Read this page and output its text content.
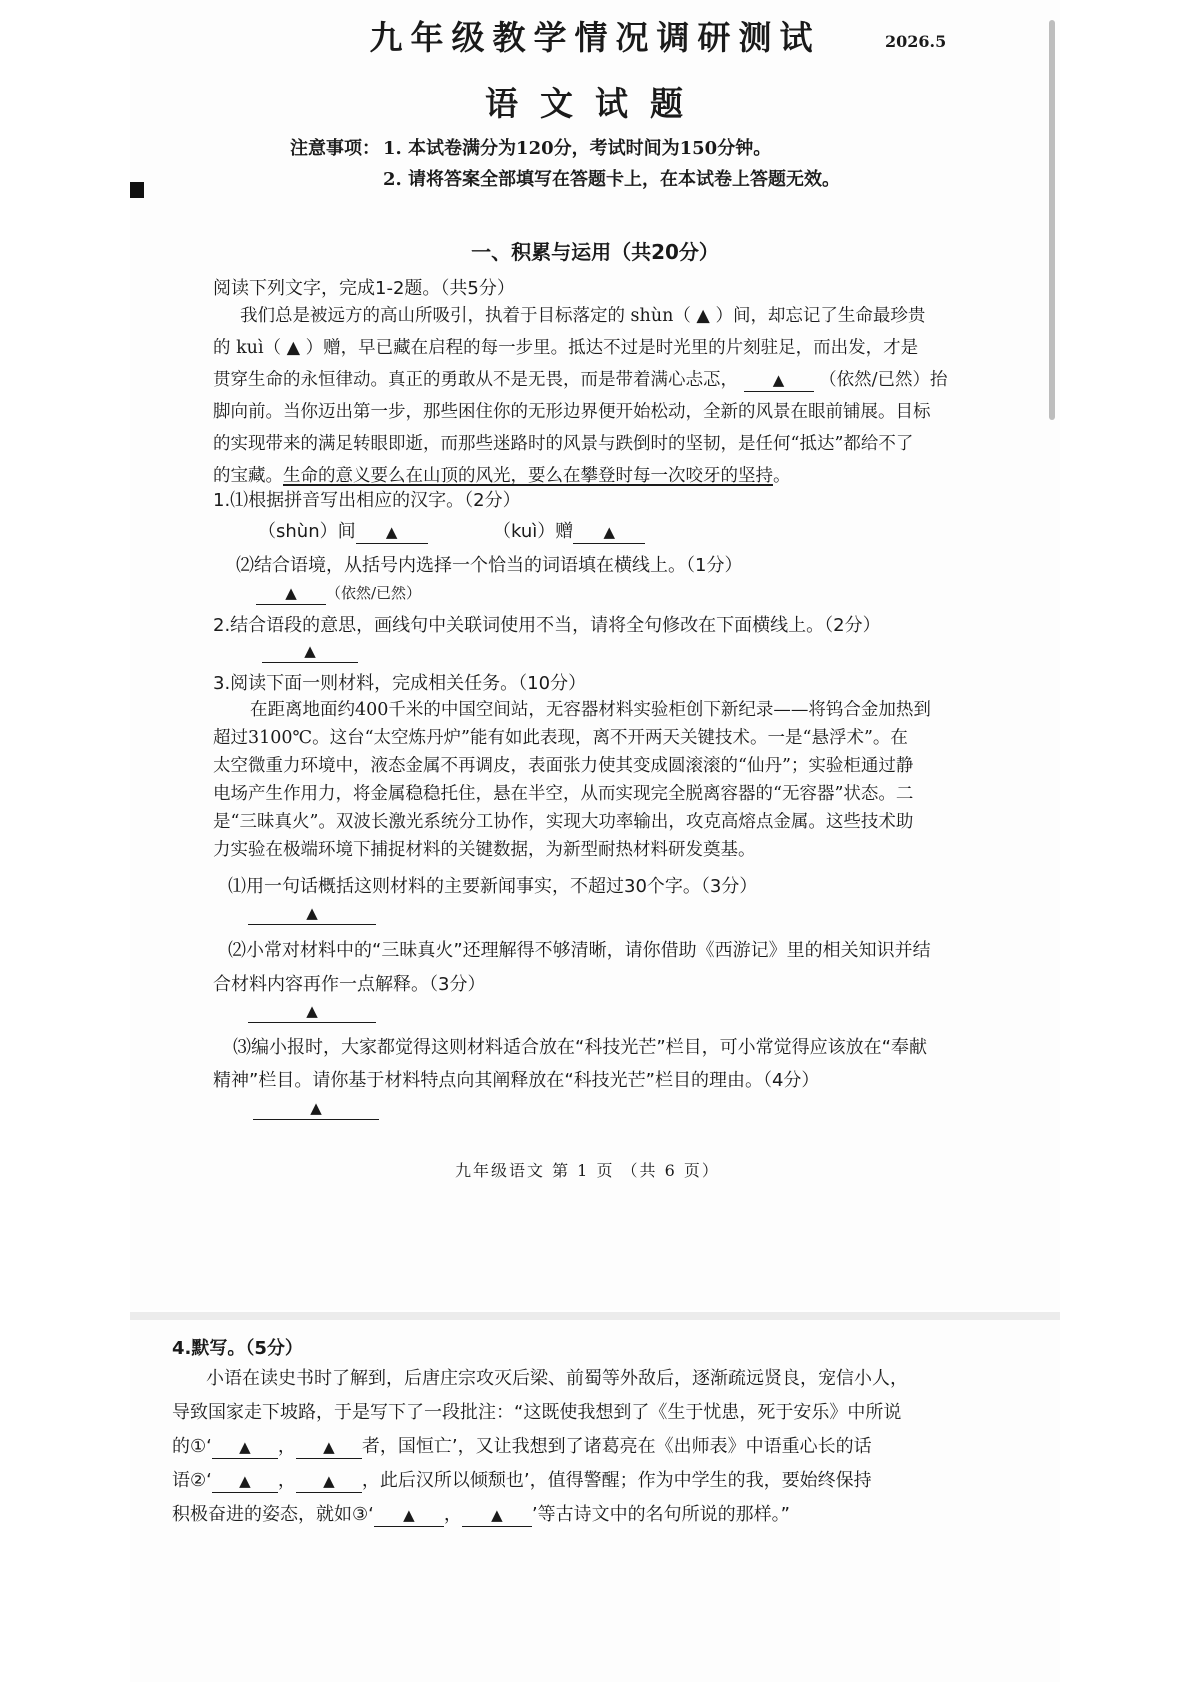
九年级教学情况调研测试	2026.5
语文试题
注意事项： 1. 本试卷满分为120分，考试时间为150分钟。
2. 请将答案全部填写在答题卡上，在本试卷上答题无效。
一、积累与运用（共20分）
阅读下列文字，完成1-2题。（共5分）
我们总是被远方的高山所吸引，执着于目标落定的 shùn（ ▲ ）间，却忘记了生命最珍贵
的 kuì（ ▲ ）赠，早已藏在启程的每一步里。抵达不过是时光里的片刻驻足，而出发，才是
贯穿生命的永恒律动。真正的勇敢从不是无畏，而是带着满心忐忑， ▲ （依然/已然）抬
脚向前。当你迈出第一步，那些困住你的无形边界便开始松动，全新的风景在眼前铺展。目标
的实现带来的满足转眼即逝，而那些迷路时的风景与跌倒时的坚韧，是任何“抵达”都给不了
的宝藏。生命的意义要么在山顶的风光，要么在攀登时每一次咬牙的坚持。
1.⑴根据拼音写出相应的汉字。（2分）
（shùn）间 ▲	（kuì）赠 ▲
⑵结合语境，从括号内选择一个恰当的词语填在横线上。（1分）
▲ （依然/已然）
2.结合语段的意思，画线句中关联词使用不当，请将全句修改在下面横线上。（2分）
▲
3.阅读下面一则材料，完成相关任务。（10分）
在距离地面约400千米的中国空间站，无容器材料实验柜创下新纪录——将钨合金加热到
超过3100℃。这台“太空炼丹炉”能有如此表现，离不开两天关键技术。一是“悬浮术”。在
太空微重力环境中，液态金属不再调皮，表面张力使其变成圆滚滚的“仙丹”；实验柜通过静
电场产生作用力，将金属稳稳托住，悬在半空，从而实现完全脱离容器的“无容器”状态。二
是“三昧真火”。双波长激光系统分工协作，实现大功率输出，攻克高熔点金属。这些技术助
力实验在极端环境下捕捉材料的关键数据，为新型耐热材料研发奠基。
⑴用一句话概括这则材料的主要新闻事实，不超过30个字。（3分）
▲
⑵小常对材料中的“三昧真火”还理解得不够清晰，请你借助《西游记》里的相关知识并结
合材料内容再作一点解释。（3分）
▲
⑶编小报时，大家都觉得这则材料适合放在“科技光芒”栏目，可小常觉得应该放在“奉献
精神”栏目。请你基于材料特点向其阐释放在“科技光芒”栏目的理由。（4分）
▲
九年级语文 第 1 页 （共 6 页）
4.默写。（5分）
小语在读史书时了解到，后唐庄宗攻灭后梁、前蜀等外敌后，逐渐疏远贤良，宠信小人，
导致国家走下坡路，于是写下了一段批注：“这既使我想到了《生于忧患，死于安乐》中所说
的①‘ ▲ ， ▲ 者，国恒亡’，又让我想到了诸葛亮在《出师表》中语重心长的话
语②‘ ▲ ， ▲ ，此后汉所以倾颓也’，值得警醒；作为中学生的我，要始终保持
积极奋进的姿态，就如③‘ ▲ ， ▲ ’等古诗文中的名句所说的那样。”
